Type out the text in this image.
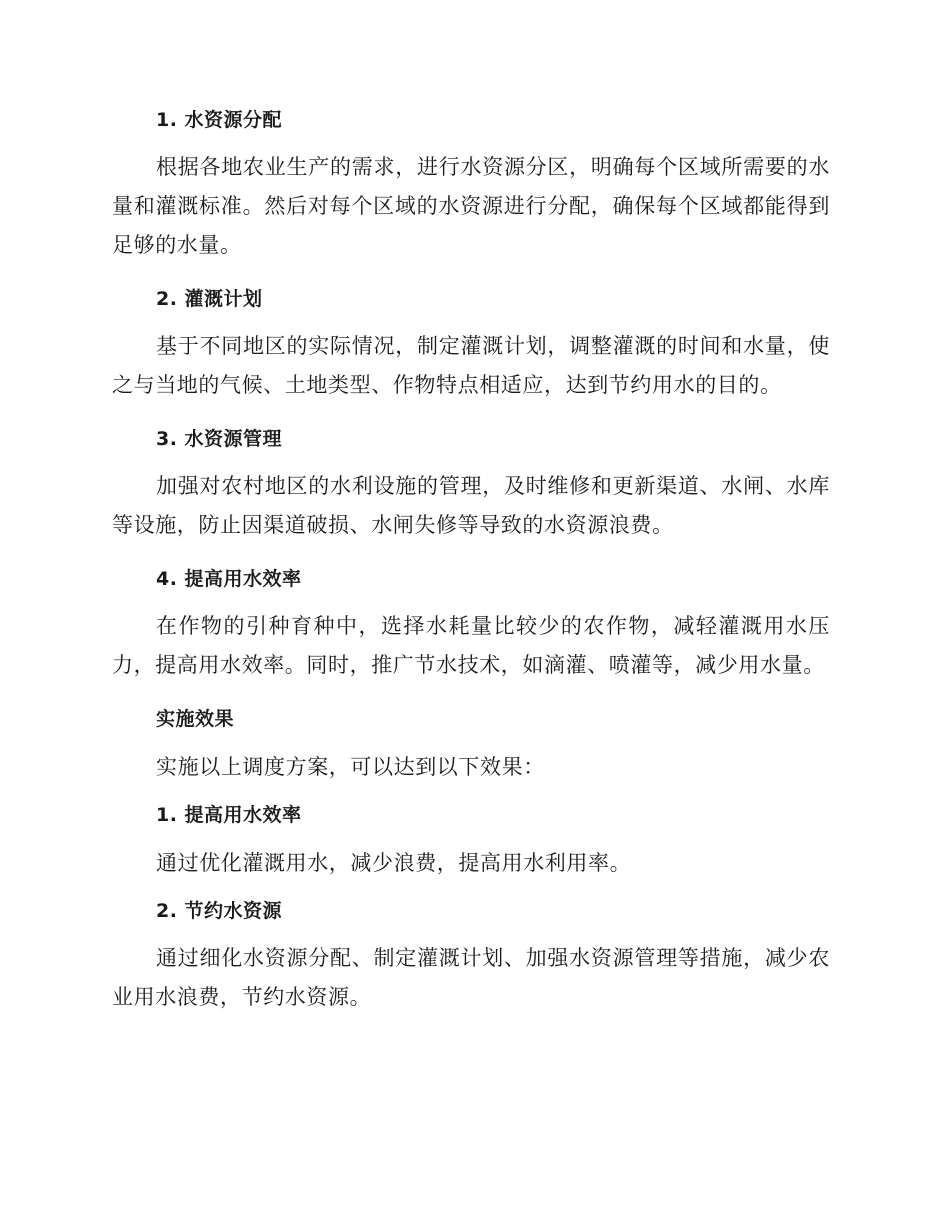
1. 水资源分配

根据各地农业生产的需求，进行水资源分区，明确每个区域所需要的水量和灌溉标准。然后对每个区域的水资源进行分配，确保每个区域都能得到足够的水量。

2. 灌溉计划

基于不同地区的实际情况，制定灌溉计划，调整灌溉的时间和水量，使之与当地的气候、土地类型、作物特点相适应，达到节约用水的目的。

3. 水资源管理

加强对农村地区的水利设施的管理，及时维修和更新渠道、水闸、水库等设施，防止因渠道破损、水闸失修等导致的水资源浪费。

4. 提高用水效率

在作物的引种育种中，选择水耗量比较少的农作物，减轻灌溉用水压力，提高用水效率。同时，推广节水技术，如滴灌、喷灌等，减少用水量。

实施效果

实施以上调度方案，可以达到以下效果：

1. 提高用水效率

通过优化灌溉用水，减少浪费，提高用水利用率。

2. 节约水资源

通过细化水资源分配、制定灌溉计划、加强水资源管理等措施，减少农业用水浪费，节约水资源。
